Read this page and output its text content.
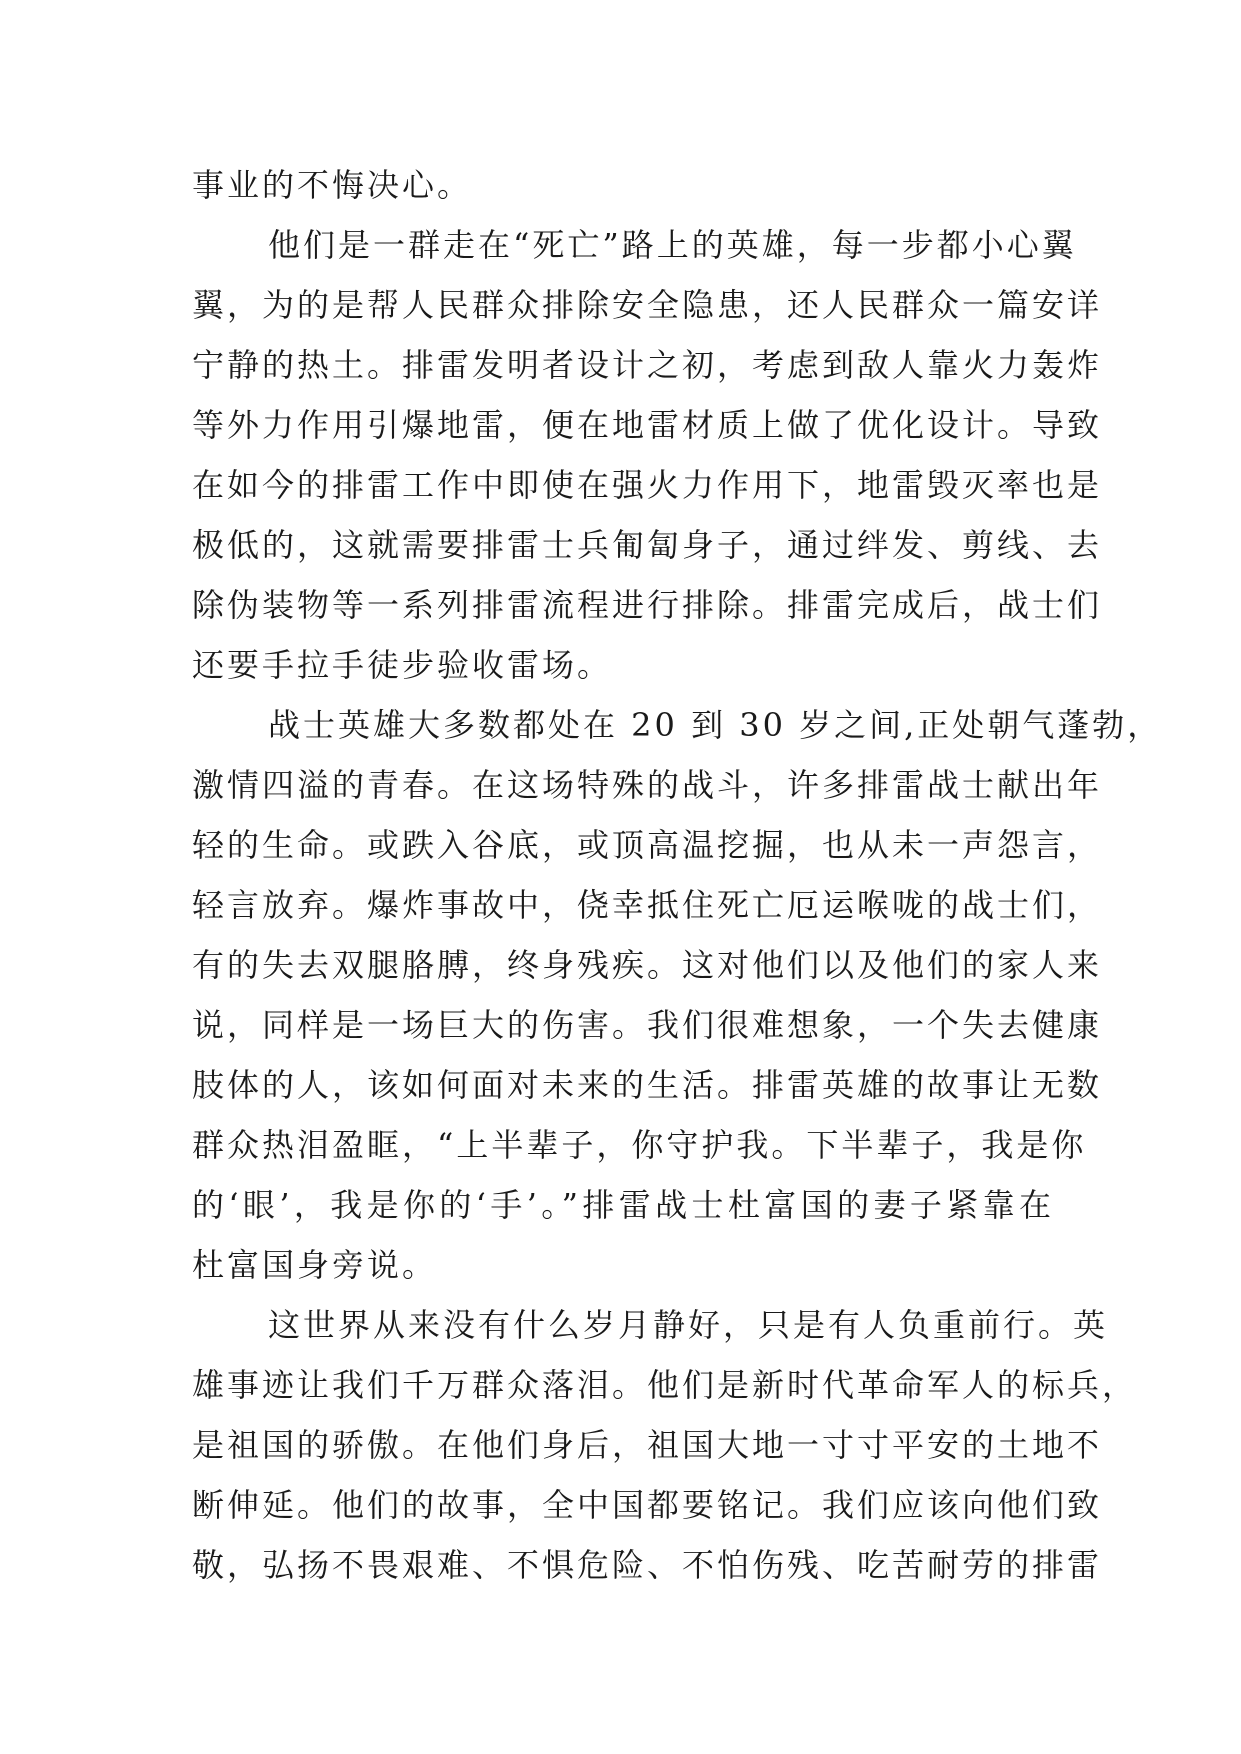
事业的不悔决心。
他们是一群走在“死亡”路上的英雄，每一步都小心翼
翼，为的是帮人民群众排除安全隐患，还人民群众一篇安详
宁静的热土。排雷发明者设计之初，考虑到敌人靠火力轰炸
等外力作用引爆地雷，便在地雷材质上做了优化设计。导致
在如今的排雷工作中即使在强火力作用下，地雷毁灭率也是
极低的，这就需要排雷士兵匍匐身子，通过绊发、剪线、去
除伪装物等一系列排雷流程进行排除。排雷完成后，战士们
还要手拉手徒步验收雷场。
战士英雄大多数都处在 20 到 30 岁之间,正处朝气蓬勃，
激情四溢的青春。在这场特殊的战斗，许多排雷战士献出年
轻的生命。或跌入谷底，或顶高温挖掘，也从未一声怨言，
轻言放弃。爆炸事故中，侥幸抵住死亡厄运喉咙的战士们，
有的失去双腿胳膊，终身残疾。这对他们以及他们的家人来
说，同样是一场巨大的伤害。我们很难想象，一个失去健康
肢体的人，该如何面对未来的生活。排雷英雄的故事让无数
群众热泪盈眶，“上半辈子，你守护我。下半辈子，我是你
的‘眼’，我是你的‘手’。”排雷战士杜富国的妻子紧靠在
杜富国身旁说。
这世界从来没有什么岁月静好，只是有人负重前行。英
雄事迹让我们千万群众落泪。他们是新时代革命军人的标兵，
是祖国的骄傲。在他们身后，祖国大地一寸寸平安的土地不
断伸延。他们的故事，全中国都要铭记。我们应该向他们致
敬，弘扬不畏艰难、不惧危险、不怕伤残、吃苦耐劳的排雷
